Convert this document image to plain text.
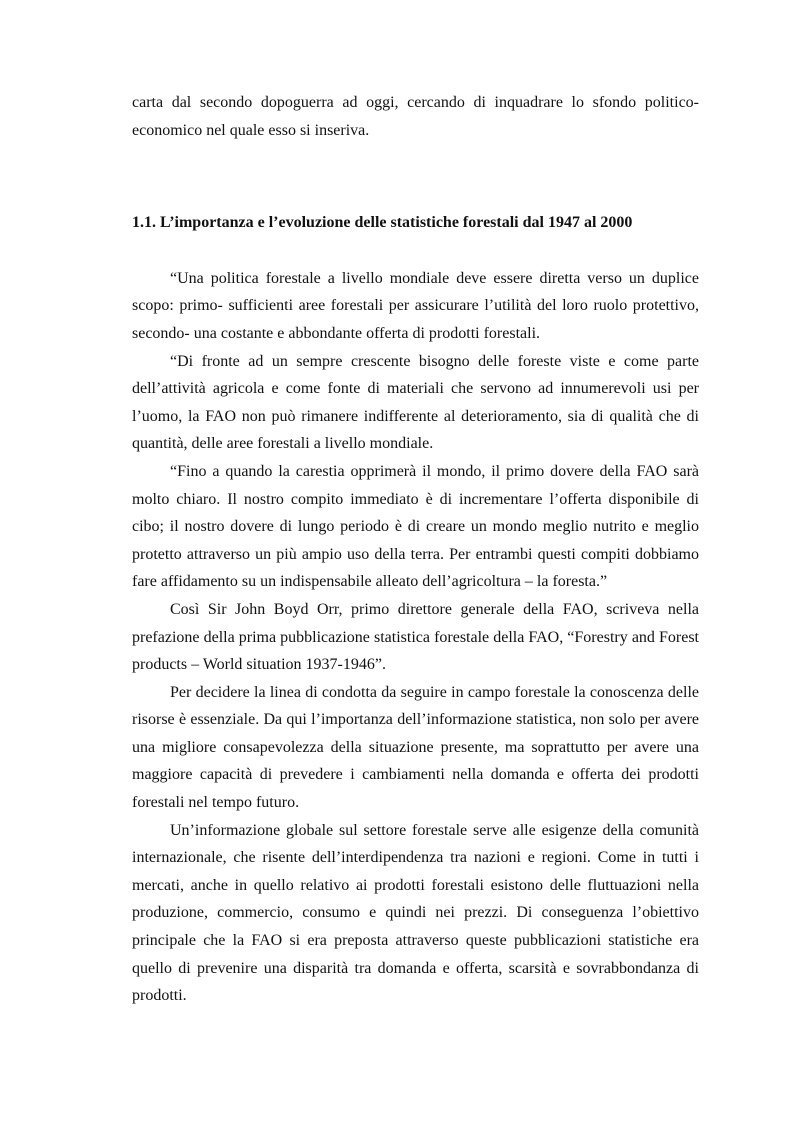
carta dal secondo dopoguerra ad oggi, cercando di inquadrare lo sfondo politico-economico nel quale esso si inseriva.

1.1. L’importanza e l’evoluzione delle statistiche forestali dal 1947 al 2000

“Una politica forestale a livello mondiale deve essere diretta verso un duplice scopo: primo- sufficienti aree forestali per assicurare l’utilità del loro ruolo protettivo, secondo- una costante e abbondante offerta di prodotti forestali.

“Di fronte ad un sempre crescente bisogno delle foreste viste e come parte dell’attività agricola e come fonte di materiali che servono ad innumerevoli usi per l’uomo, la FAO non può rimanere indifferente al deterioramento, sia di qualità che di quantità, delle aree forestali a livello mondiale.

“Fino a quando la carestia opprimerà il mondo, il primo dovere della FAO sarà molto chiaro. Il nostro compito immediato è di incrementare l’offerta disponibile di cibo; il nostro dovere di lungo periodo è di creare un mondo meglio nutrito e meglio protetto attraverso un più ampio uso della terra. Per entrambi questi compiti dobbiamo fare affidamento su un indispensabile alleato dell’agricoltura – la foresta.”

Così Sir John Boyd Orr, primo direttore generale della FAO, scriveva nella prefazione della prima pubblicazione statistica forestale della FAO, “Forestry and Forest products – World situation 1937-1946”.

Per decidere la linea di condotta da seguire in campo forestale la conoscenza delle risorse è essenziale. Da qui l’importanza dell’informazione statistica, non solo per avere una migliore consapevolezza della situazione presente, ma soprattutto per avere una maggiore capacità di prevedere i cambiamenti nella domanda e offerta dei prodotti forestali nel tempo futuro.

Un’informazione globale sul settore forestale serve alle esigenze della comunità internazionale, che risente dell’interdipendenza tra nazioni e regioni. Come in tutti i mercati, anche in quello relativo ai prodotti forestali esistono delle fluttuazioni nella produzione, commercio, consumo e quindi nei prezzi. Di conseguenza l’obiettivo principale che la FAO si era preposta attraverso queste pubblicazioni statistiche era quello di prevenire una disparità tra domanda e offerta, scarsità e sovrabbondanza di prodotti.
